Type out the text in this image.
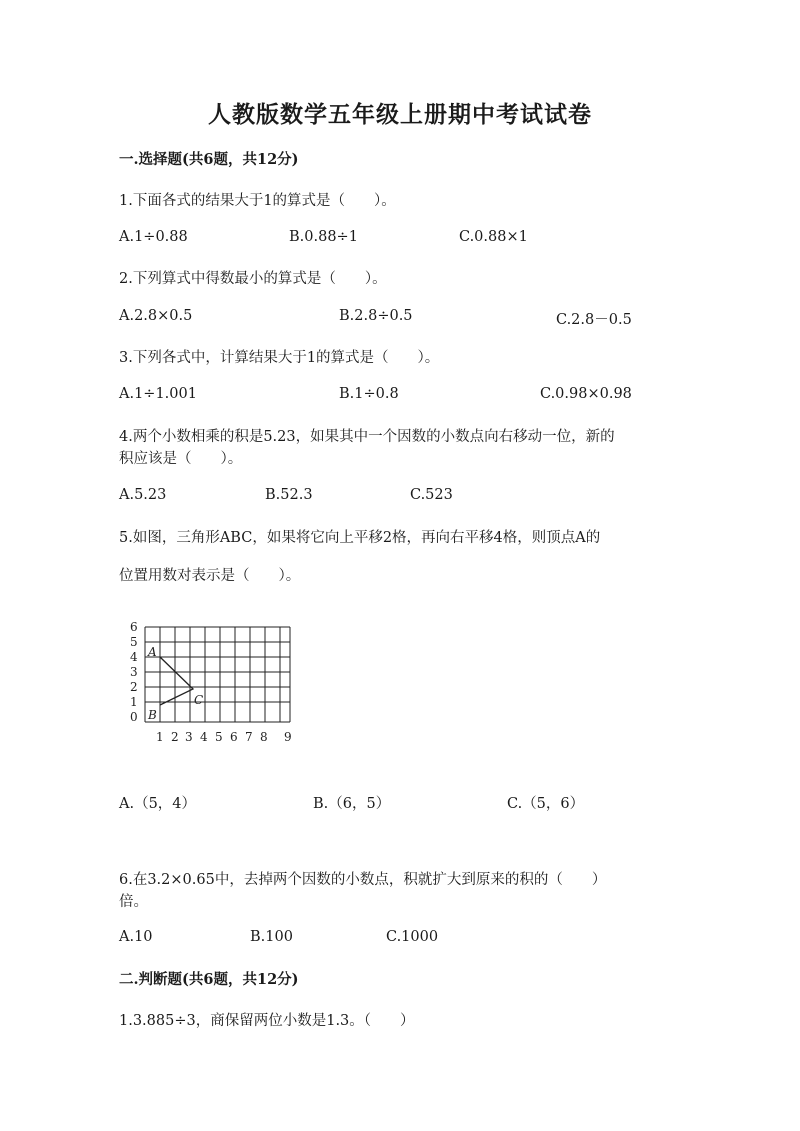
人教版数学五年级上册期中考试试卷
一.选择题(共6题，共12分)
1.下面各式的结果大于1的算式是（　　）。
A.1÷0.88	B.0.88÷1	C.0.88×1
2.下列算式中得数最小的算式是（　　）。
A.2.8×0.5	B.2.8÷0.5	C.2.8－0.5
3.下列各式中，计算结果大于1的算式是（　　）。
A.1÷1.001	B.1÷0.8	C.0.98×0.98
4.两个小数相乘的积是5.23，如果其中一个因数的小数点向右移动一位，新的
积应该是（　　）。
A.5.23	B.52.3	C.523
5.如图，三角形ABC，如果将它向上平移2格，再向右平移4格，则顶点A的
位置用数对表示是（　　）。
6
5
4
3
2
1
0
1 2 3 4 5 6 7 8 9
A
B
C
A.（5，4）	B.（6，5）	C.（5，6）
6.在3.2×0.65中，去掉两个因数的小数点，积就扩大到原来的积的（　　）
倍。
A.10	B.100	C.1000
二.判断题(共6题，共12分)
1.3.885÷3，商保留两位小数是1.3。（　　）
